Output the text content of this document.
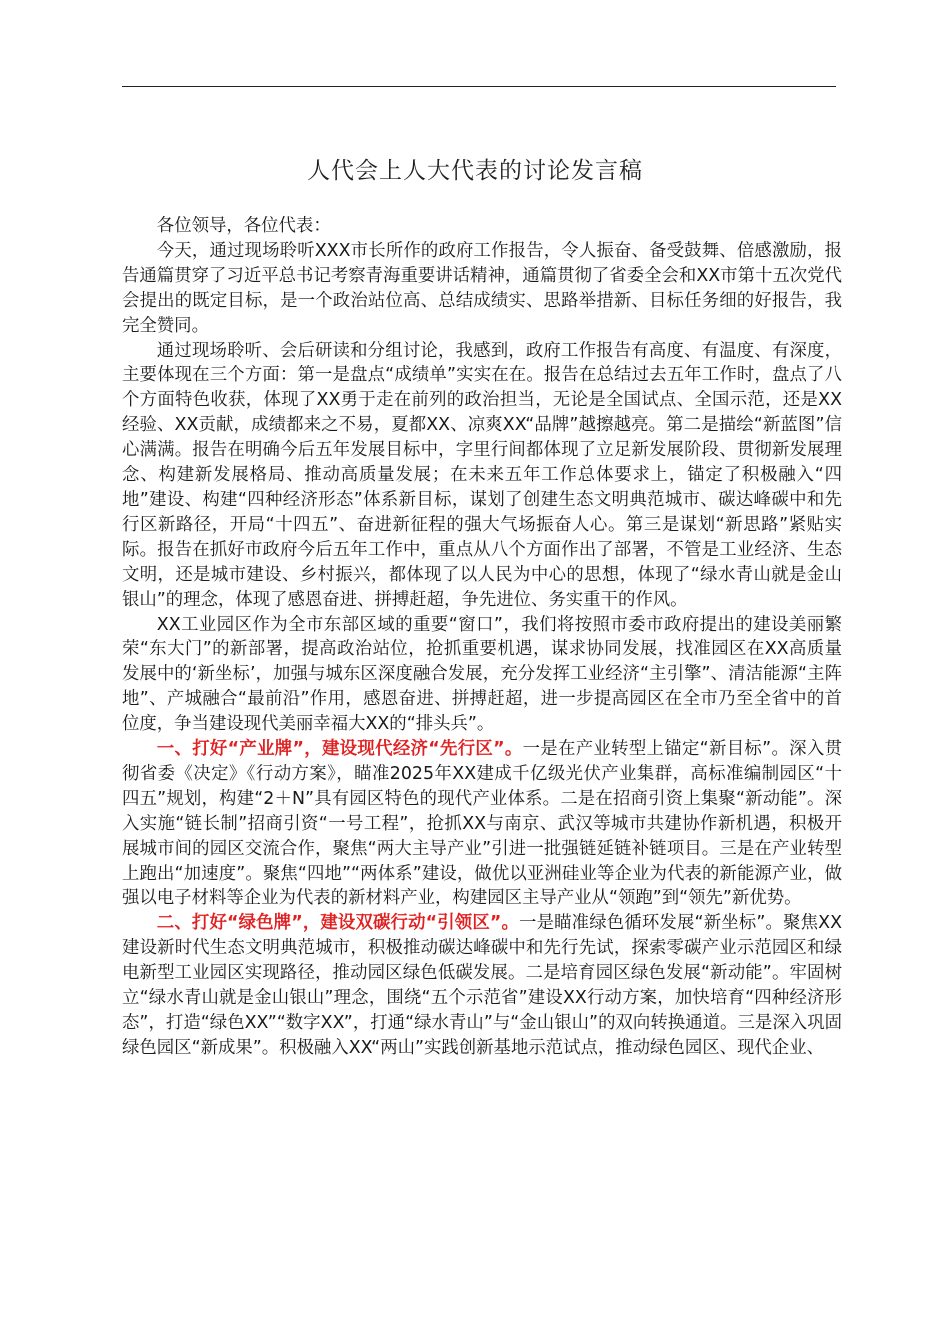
人代会上人大代表的讨论发言稿

各位领导，各位代表：

今天，通过现场聆听XXX市长所作的政府工作报告，令人振奋、备受鼓舞、倍感激励，报告通篇贯穿了习近平总书记考察青海重要讲话精神，通篇贯彻了省委全会和XX市第十五次党代会提出的既定目标，是一个政治站位高、总结成绩实、思路举措新、目标任务细的好报告，我完全赞同。

通过现场聆听、会后研读和分组讨论，我感到，政府工作报告有高度、有温度、有深度，主要体现在三个方面：第一是盘点“成绩单”实实在在。报告在总结过去五年工作时，盘点了八个方面特色收获，体现了XX勇于走在前列的政治担当，无论是全国试点、全国示范，还是XX经验、XX贡献，成绩都来之不易，夏都XX、凉爽XX“品牌”越擦越亮。第二是描绘“新蓝图”信心满满。报告在明确今后五年发展目标中，字里行间都体现了立足新发展阶段、贯彻新发展理念、构建新发展格局、推动高质量发展；在未来五年工作总体要求上，锚定了积极融入“四地”建设、构建“四种经济形态”体系新目标，谋划了创建生态文明典范城市、碳达峰碳中和先行区新路径，开局“十四五”、奋进新征程的强大气场振奋人心。第三是谋划“新思路”紧贴实际。报告在抓好市政府今后五年工作中，重点从八个方面作出了部署，不管是工业经济、生态文明，还是城市建设、乡村振兴，都体现了以人民为中心的思想，体现了“绿水青山就是金山银山”的理念，体现了感恩奋进、拼搏赶超，争先进位、务实重干的作风。

XX工业园区作为全市东部区域的重要“窗口”，我们将按照市委市政府提出的建设美丽繁荣“东大门”的新部署，提高政治站位，抢抓重要机遇，谋求协同发展，找准园区在XX高质量发展中的‘新坐标’，加强与城东区深度融合发展，充分发挥工业经济“主引擎”、清洁能源“主阵地”、产城融合“最前沿”作用，感恩奋进、拼搏赶超，进一步提高园区在全市乃至全省中的首位度，争当建设现代美丽幸福大XX的“排头兵”。

一、打好“产业牌”，建设现代经济“先行区”。一是在产业转型上锚定“新目标”。深入贯彻省委《决定》《行动方案》，瞄准2025年XX建成千亿级光伏产业集群，高标准编制园区“十四五”规划，构建“2＋N”具有园区特色的现代产业体系。二是在招商引资上集聚“新动能”。深入实施“链长制”招商引资“一号工程”，抢抓XX与南京、武汉等城市共建协作新机遇，积极开展城市间的园区交流合作，聚焦“两大主导产业”引进一批强链延链补链项目。三是在产业转型上跑出“加速度”。聚焦“四地”“两体系”建设，做优以亚洲硅业等企业为代表的新能源产业，做强以电子材料等企业为代表的新材料产业，构建园区主导产业从“领跑”到“领先”新优势。

二、打好“绿色牌”，建设双碳行动“引领区”。一是瞄准绿色循环发展“新坐标”。聚焦XX建设新时代生态文明典范城市，积极推动碳达峰碳中和先行先试，探索零碳产业示范园区和绿电新型工业园区实现路径，推动园区绿色低碳发展。二是培育园区绿色发展“新动能”。牢固树立“绿水青山就是金山银山”理念，围绕“五个示范省”建设XX行动方案，加快培育“四种经济形态”，打造“绿色XX”“数字XX”，打通“绿水青山”与“金山银山”的双向转换通道。三是深入巩固绿色园区“新成果”。积极融入XX“两山”实践创新基地示范试点，推动绿色园区、现代企业、
